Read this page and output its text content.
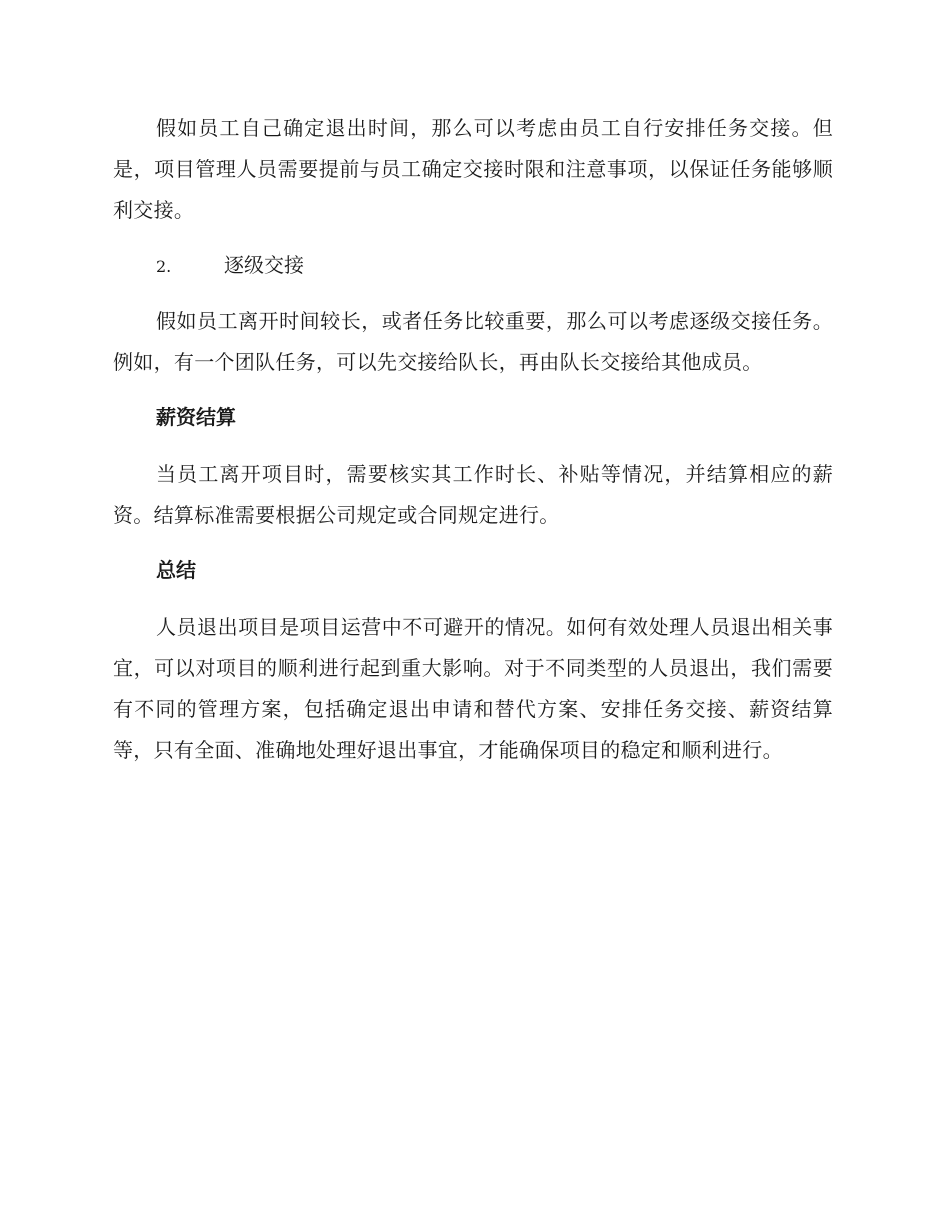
假如员工自己确定退出时间，那么可以考虑由员工自行安排任务交接。但是，项目管理人员需要提前与员工确定交接时限和注意事项，以保证任务能够顺利交接。

2.	逐级交接

假如员工离开时间较长，或者任务比较重要，那么可以考虑逐级交接任务。例如，有一个团队任务，可以先交接给队长，再由队长交接给其他成员。

薪资结算

当员工离开项目时，需要核实其工作时长、补贴等情况，并结算相应的薪资。结算标准需要根据公司规定或合同规定进行。

总结

人员退出项目是项目运营中不可避开的情况。如何有效处理人员退出相关事宜，可以对项目的顺利进行起到重大影响。对于不同类型的人员退出，我们需要有不同的管理方案，包括确定退出申请和替代方案、安排任务交接、薪资结算等，只有全面、准确地处理好退出事宜，才能确保项目的稳定和顺利进行。
